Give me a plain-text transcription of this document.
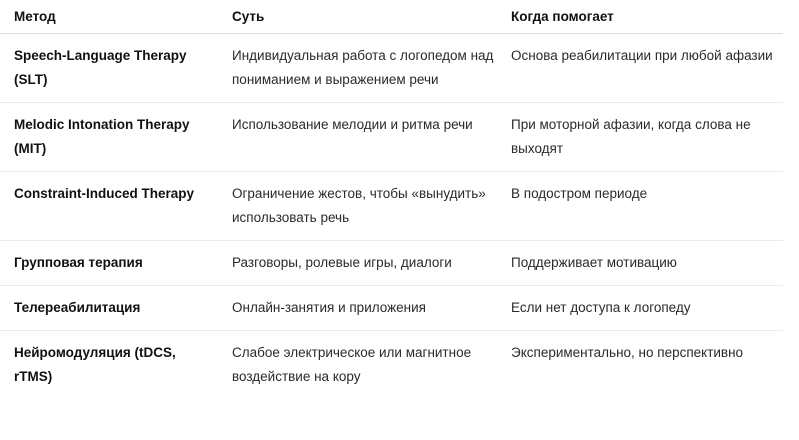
Метод	Суть	Когда помогает
Speech-Language Therapy (SLT)	Индивидуальная работа с логопедом над пониманием и выражением речи	Основа реабилитации при любой афазии
Melodic Intonation Therapy (MIT)	Использование мелодии и ритма речи	При моторной афазии, когда слова не выходят
Constraint-Induced Therapy	Ограничение жестов, чтобы «вынудить» использовать речь	В подостром периоде
Групповая терапия	Разговоры, ролевые игры, диалоги	Поддерживает мотивацию
Телереабилитация	Онлайн-занятия и приложения	Если нет доступа к логопеду
Нейромодуляция (tDCS, rTMS)	Слабое электрическое или магнитное воздействие на кору	Экспериментально, но перспективно
